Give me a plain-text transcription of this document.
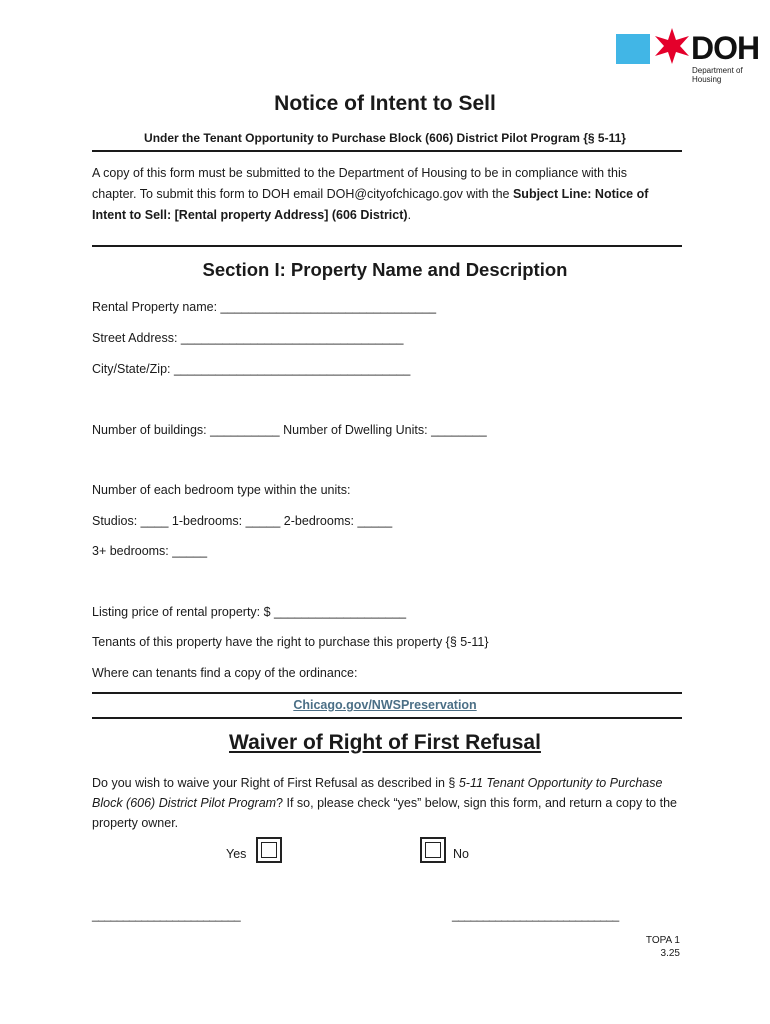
DOH
Department of
Housing
Notice of Intent to Sell
Under the Tenant Opportunity to Purchase Block (606) District Pilot Program {§ 5-11}
A copy of this form must be submitted to the Department of Housing to be in compliance with this chapter. To submit this form to DOH email DOH@cityofchicago.gov with the Subject Line: Notice of Intent to Sell: [Rental property Address] (606 District).
Section I: Property Name and Description
Rental Property name: _______________________________
Street Address: ________________________________
City/State/Zip: __________________________________
Number of buildings: __________ Number of Dwelling Units: ________
Number of each bedroom type within the units:
Studios: ____ 1-bedrooms: _____ 2-bedrooms: _____
3+ bedrooms: _____
Listing price of rental property: $ ___________________
Tenants of this property have the right to purchase this property {§ 5-11}
Where can tenants find a copy of the ordinance:
Chicago.gov/NWSPreservation
Waiver of Right of First Refusal
Do you wish to waive your Right of First Refusal as described in § 5-11 Tenant Opportunity to Purchase Block (606) District Pilot Program? If so, please check “yes” below, sign this form, and return a copy to the property owner.
Yes	No
________________________	___________________________
TOPA 1
3.25
